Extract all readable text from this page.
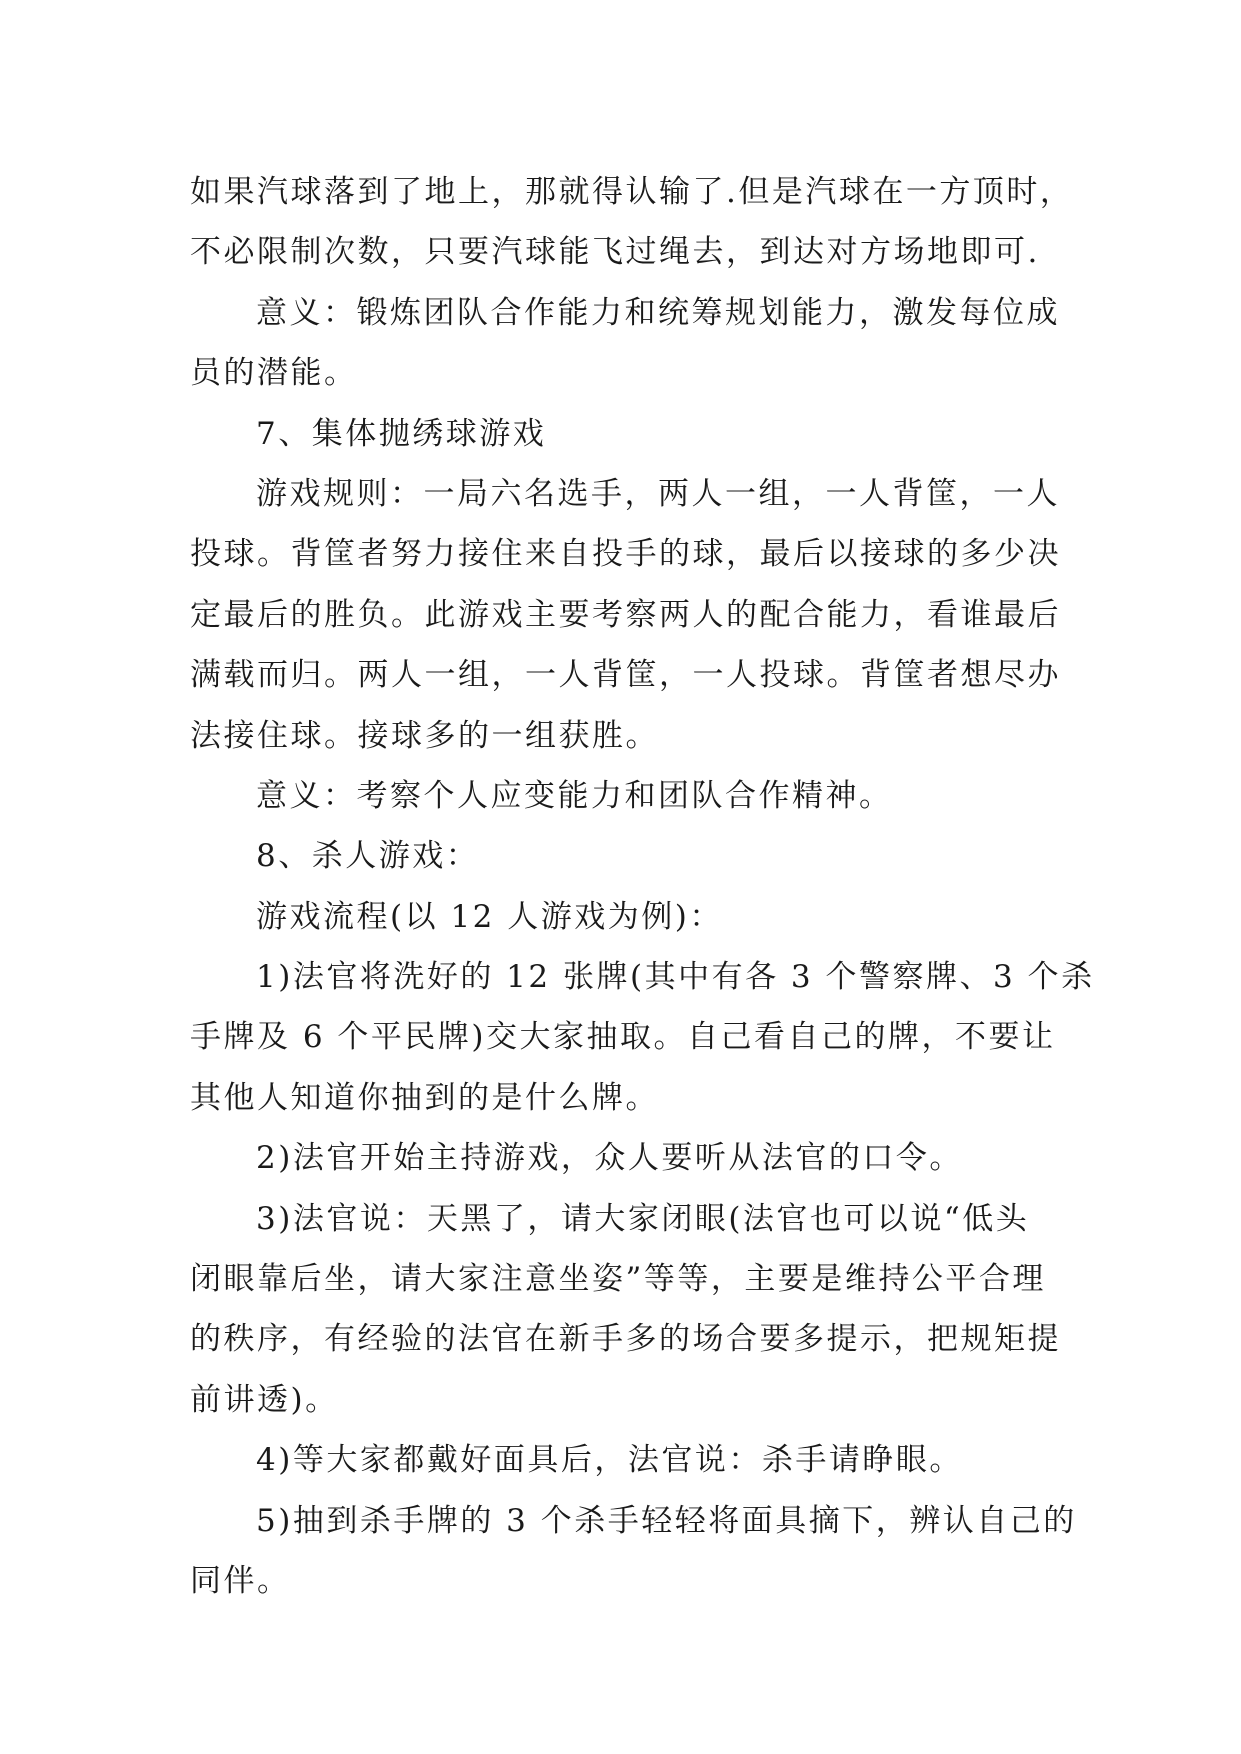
如果汽球落到了地上，那就得认输了.但是汽球在一方顶时，
不必限制次数，只要汽球能飞过绳去，到达对方场地即可.
意义：锻炼团队合作能力和统筹规划能力，激发每位成
员的潜能。
7、集体抛绣球游戏
游戏规则：一局六名选手，两人一组，一人背筐，一人
投球。背筐者努力接住来自投手的球，最后以接球的多少决
定最后的胜负。此游戏主要考察两人的配合能力，看谁最后
满载而归。两人一组，一人背筐，一人投球。背筐者想尽办
法接住球。接球多的一组获胜。
意义：考察个人应变能力和团队合作精神。
8、杀人游戏：
游戏流程(以 12 人游戏为例)：
1)法官将洗好的 12 张牌(其中有各 3 个警察牌、3 个杀
手牌及 6 个平民牌)交大家抽取。自己看自己的牌，不要让
其他人知道你抽到的是什么牌。
2)法官开始主持游戏，众人要听从法官的口令。
3)法官说：天黑了，请大家闭眼(法官也可以说“低头
闭眼靠后坐，请大家注意坐姿”等等，主要是维持公平合理
的秩序，有经验的法官在新手多的场合要多提示，把规矩提
前讲透)。
4)等大家都戴好面具后，法官说：杀手请睁眼。
5)抽到杀手牌的 3 个杀手轻轻将面具摘下，辨认自己的
同伴。
